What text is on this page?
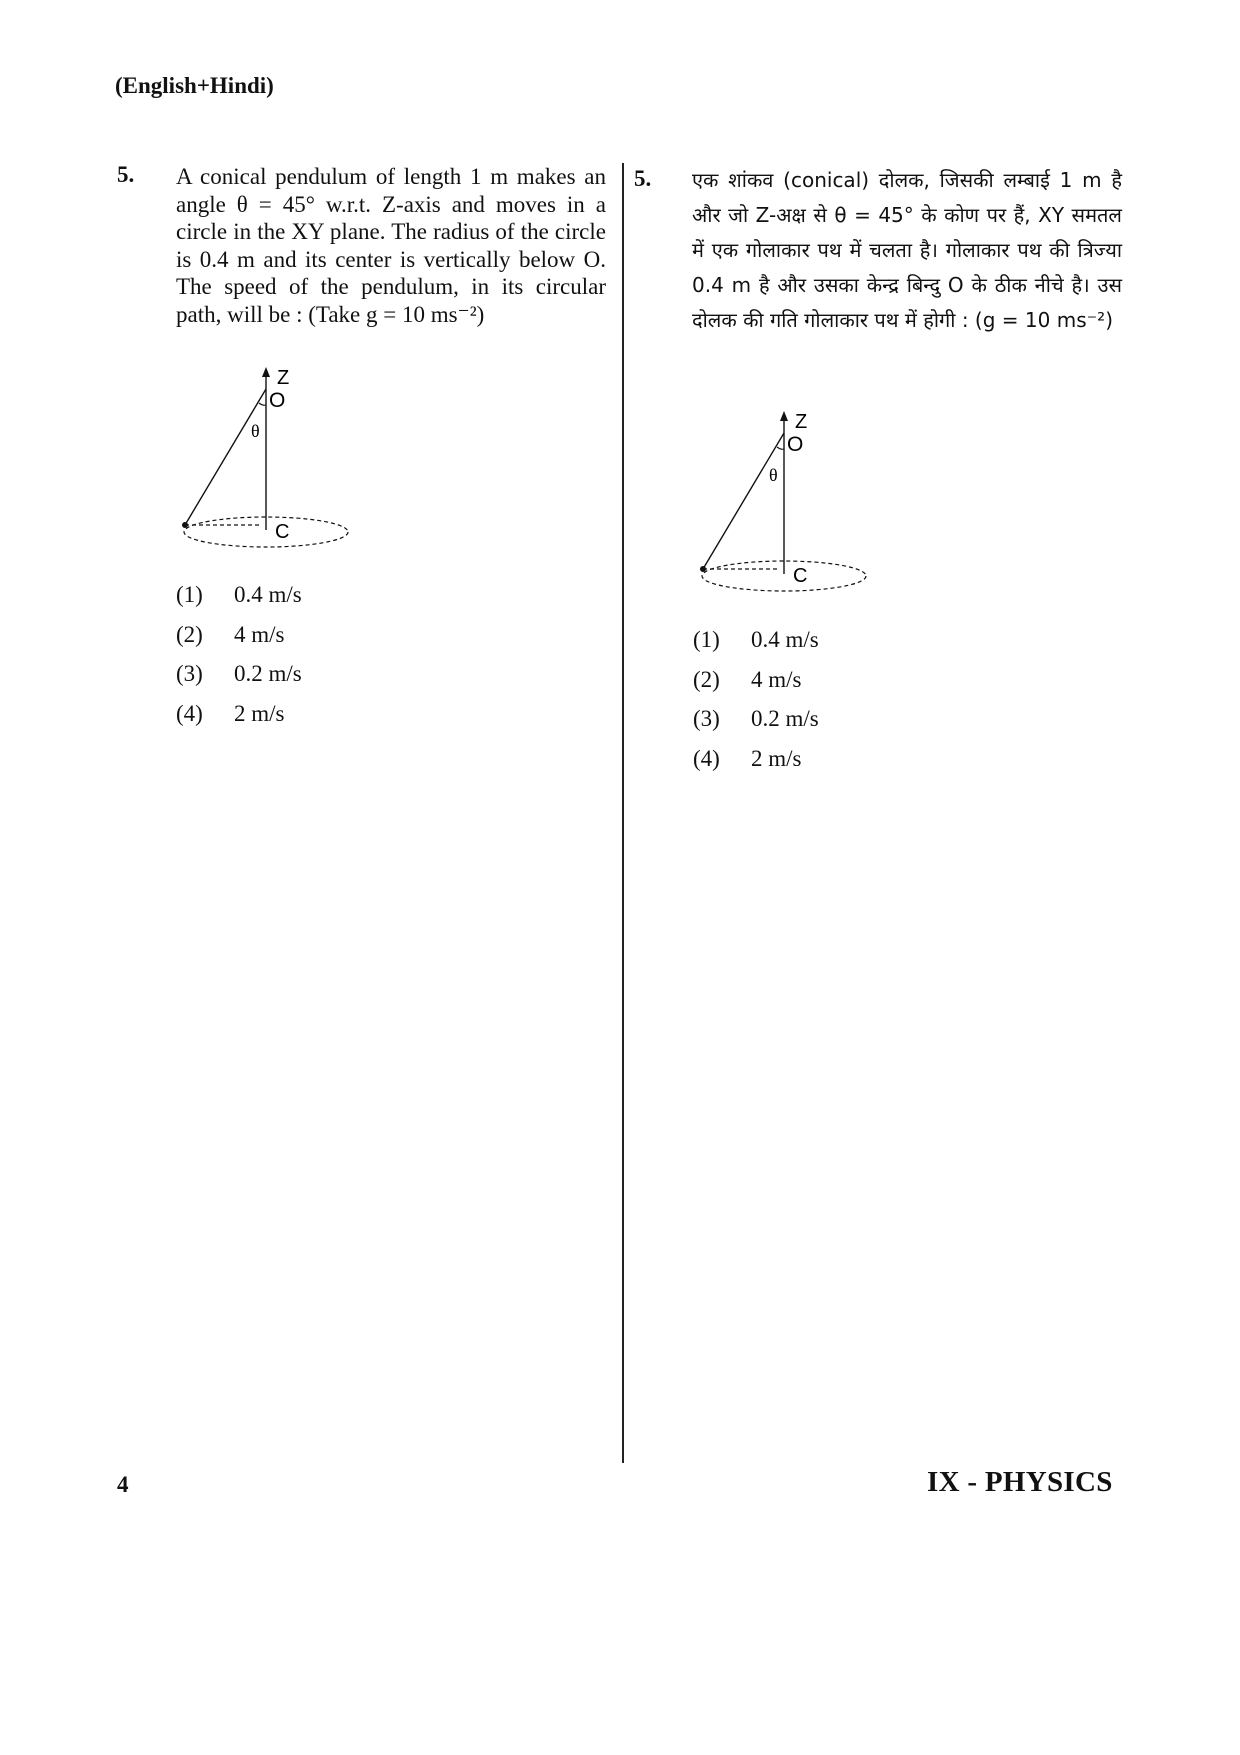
(English+Hindi)
5. A conical pendulum of length 1 m makes an angle θ = 45° w.r.t. Z-axis and moves in a circle in the XY plane. The radius of the circle is 0.4 m and its center is vertically below O. The speed of the pendulum, in its circular path, will be : (Take g = 10 ms⁻²)
Z
O
θ
C
(1)	0.4 m/s
(2)	4 m/s
(3)	0.2 m/s
(4)	2 m/s
5. एक शांकव (conical) दोलक, जिसकी लम्बाई 1 m है और जो Z-अक्ष से θ = 45° के कोण पर हैं, XY समतल में एक गोलाकार पथ में चलता है। गोलाकार पथ की त्रिज्या 0.4 m है और उसका केन्द्र बिन्दु O के ठीक नीचे है। उस दोलक की गति गोलाकार पथ में होगी : (g = 10 ms⁻²)
Z
O
θ
C
(1)	0.4 m/s
(2)	4 m/s
(3)	0.2 m/s
(4)	2 m/s
4	IX - PHYSICS
